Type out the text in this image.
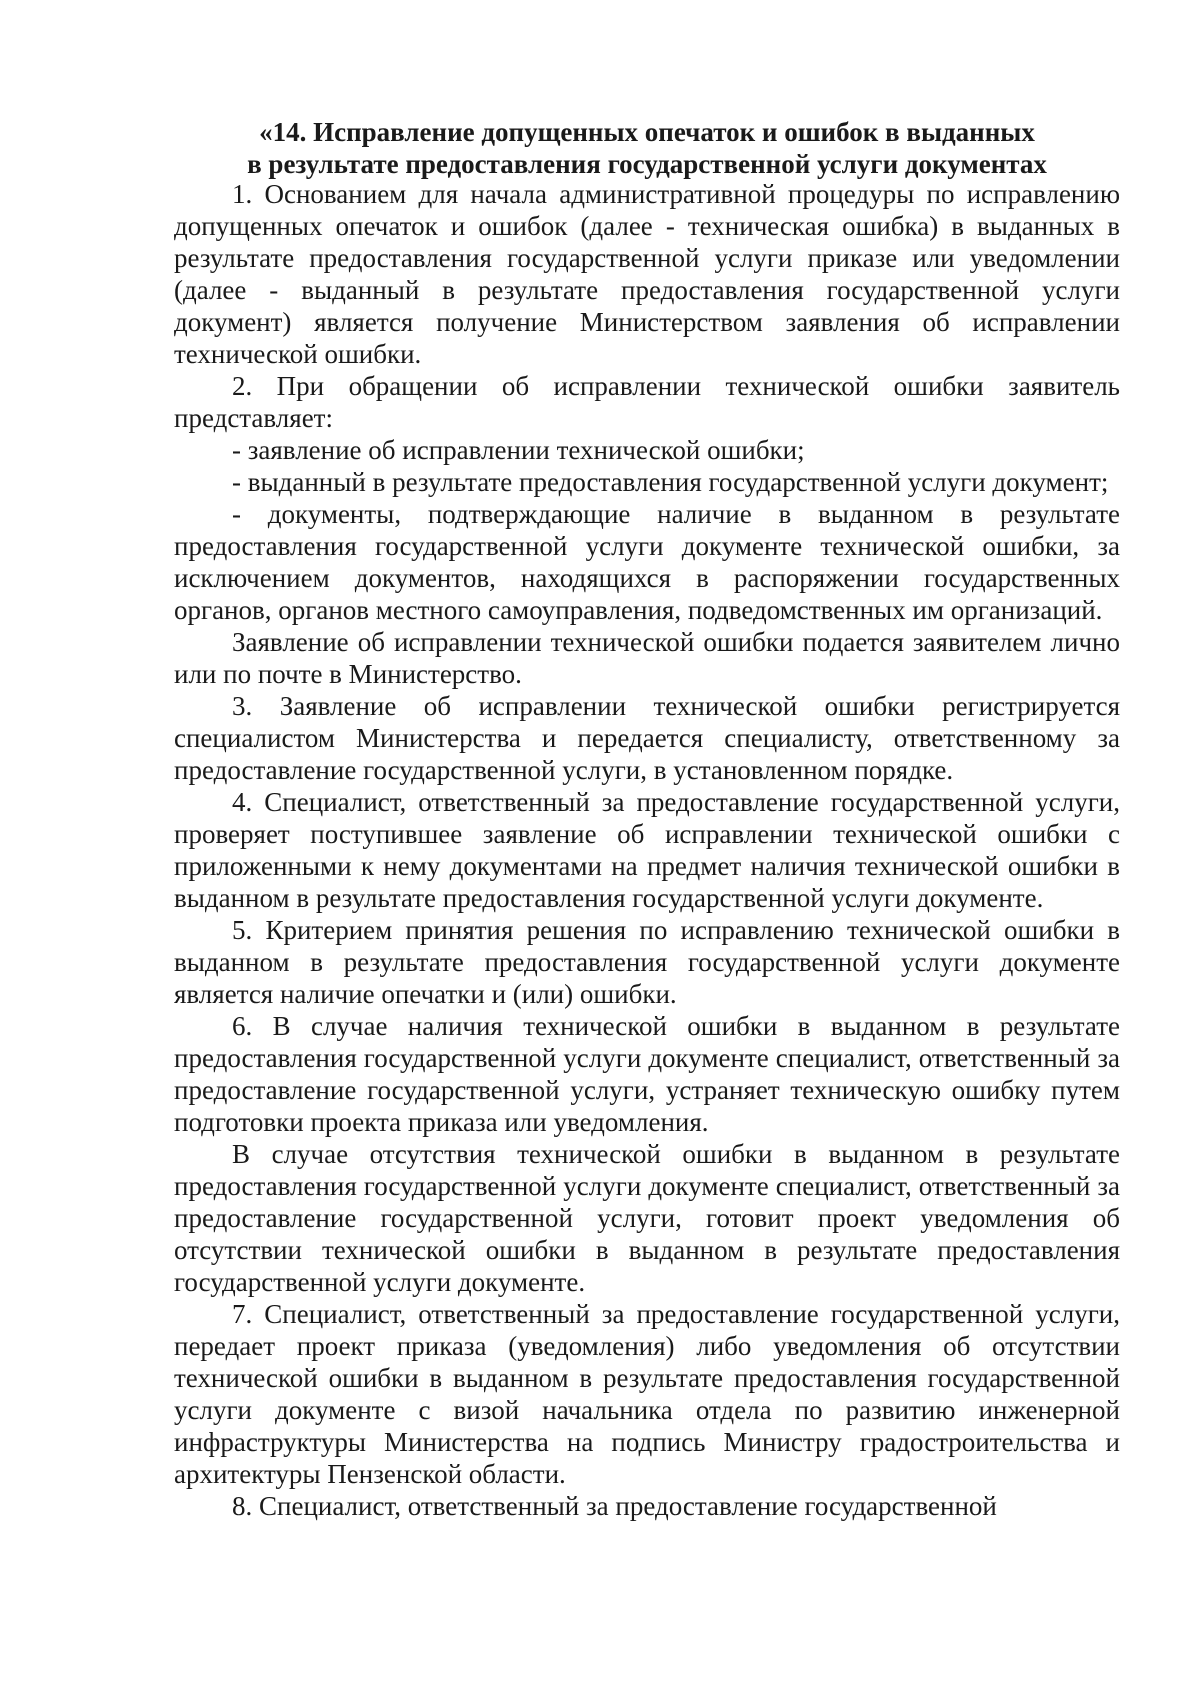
«14. Исправление допущенных опечаток и ошибок в выданных
в результате предоставления государственной услуги документах

1. Основанием для начала административной процедуры по исправлению допущенных опечаток и ошибок (далее - техническая ошибка) в выданных в результате предоставления государственной услуги приказе или уведомлении (далее - выданный в результате предоставления государственной услуги документ) является получение Министерством заявления об исправлении технической ошибки.

2. При обращении об исправлении технической ошибки заявитель представляет:

- заявление об исправлении технической ошибки;

- выданный в результате предоставления государственной услуги документ;

- документы, подтверждающие наличие в выданном в результате предоставления государственной услуги документе технической ошибки, за исключением документов, находящихся в распоряжении государственных органов, органов местного самоуправления, подведомственных им организаций.

Заявление об исправлении технической ошибки подается заявителем лично или по почте в Министерство.

3. Заявление об исправлении технической ошибки регистрируется специалистом Министерства и передается специалисту, ответственному за предоставление государственной услуги, в установленном порядке.

4. Специалист, ответственный за предоставление государственной услуги, проверяет поступившее заявление об исправлении технической ошибки с приложенными к нему документами на предмет наличия технической ошибки в выданном в результате предоставления государственной услуги документе.

5. Критерием принятия решения по исправлению технической ошибки в выданном в результате предоставления государственной услуги документе является наличие опечатки и (или) ошибки.

6. В случае наличия технической ошибки в выданном в результате предоставления государственной услуги документе специалист, ответственный за предоставление государственной услуги, устраняет техническую ошибку путем подготовки проекта приказа или уведомления.

В случае отсутствия технической ошибки в выданном в результате предоставления государственной услуги документе специалист, ответственный за предоставление государственной услуги, готовит проект уведомления об отсутствии технической ошибки в выданном в результате предоставления государственной услуги документе.

7. Специалист, ответственный за предоставление государственной услуги, передает проект приказа (уведомления) либо уведомления об отсутствии технической ошибки в выданном в результате предоставления государственной услуги документе с визой начальника отдела по развитию инженерной инфраструктуры Министерства на подпись Министру градостроительства и архитектуры Пензенской области.

8. Специалист, ответственный за предоставление государственной
